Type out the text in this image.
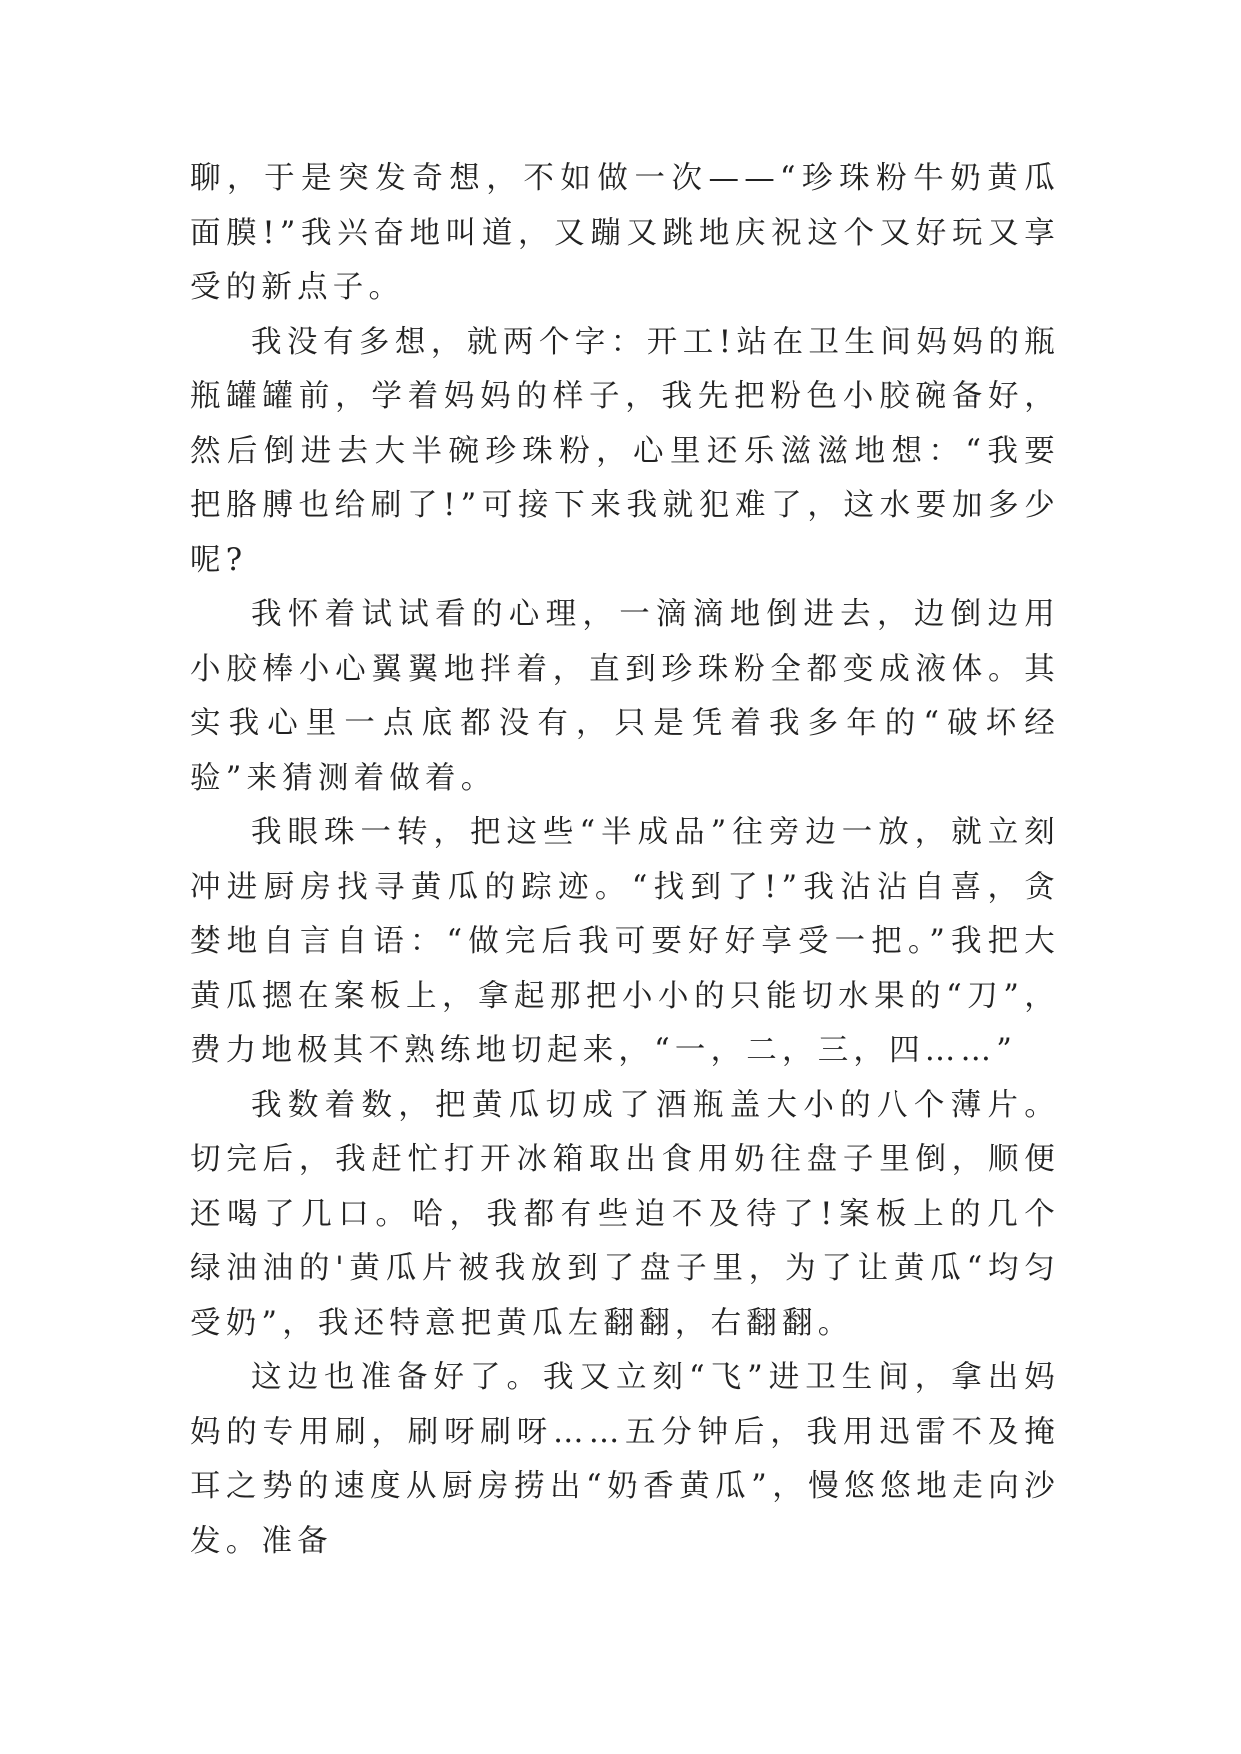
聊，于是突发奇想，不如做一次——“珍珠粉牛奶黄瓜面膜!”我兴奋地叫道，又蹦又跳地庆祝这个又好玩又享受的新点子。

我没有多想，就两个字：开工!站在卫生间妈妈的瓶瓶罐罐前，学着妈妈的样子，我先把粉色小胶碗备好，然后倒进去大半碗珍珠粉，心里还乐滋滋地想：“我要把胳膊也给刷了!”可接下来我就犯难了，这水要加多少呢?

我怀着试试看的心理，一滴滴地倒进去，边倒边用小胶棒小心翼翼地拌着，直到珍珠粉全都变成液体。其实我心里一点底都没有，只是凭着我多年的“破坏经验”来猜测着做着。

我眼珠一转，把这些“半成品”往旁边一放，就立刻冲进厨房找寻黄瓜的踪迹。“找到了!”我沾沾自喜，贪婪地自言自语：“做完后我可要好好享受一把。”我把大黄瓜摁在案板上，拿起那把小小的只能切水果的“刀”，费力地极其不熟练地切起来，“一，二，三，四……”

我数着数，把黄瓜切成了酒瓶盖大小的八个薄片。切完后，我赶忙打开冰箱取出食用奶往盘子里倒，顺便还喝了几口。哈，我都有些迫不及待了!案板上的几个绿油油的'黄瓜片被我放到了盘子里，为了让黄瓜“均匀受奶”，我还特意把黄瓜左翻翻，右翻翻。

这边也准备好了。我又立刻“飞”进卫生间，拿出妈妈的专用刷，刷呀刷呀……五分钟后，我用迅雷不及掩耳之势的速度从厨房捞出“奶香黄瓜”，慢悠悠地走向沙发。准备
